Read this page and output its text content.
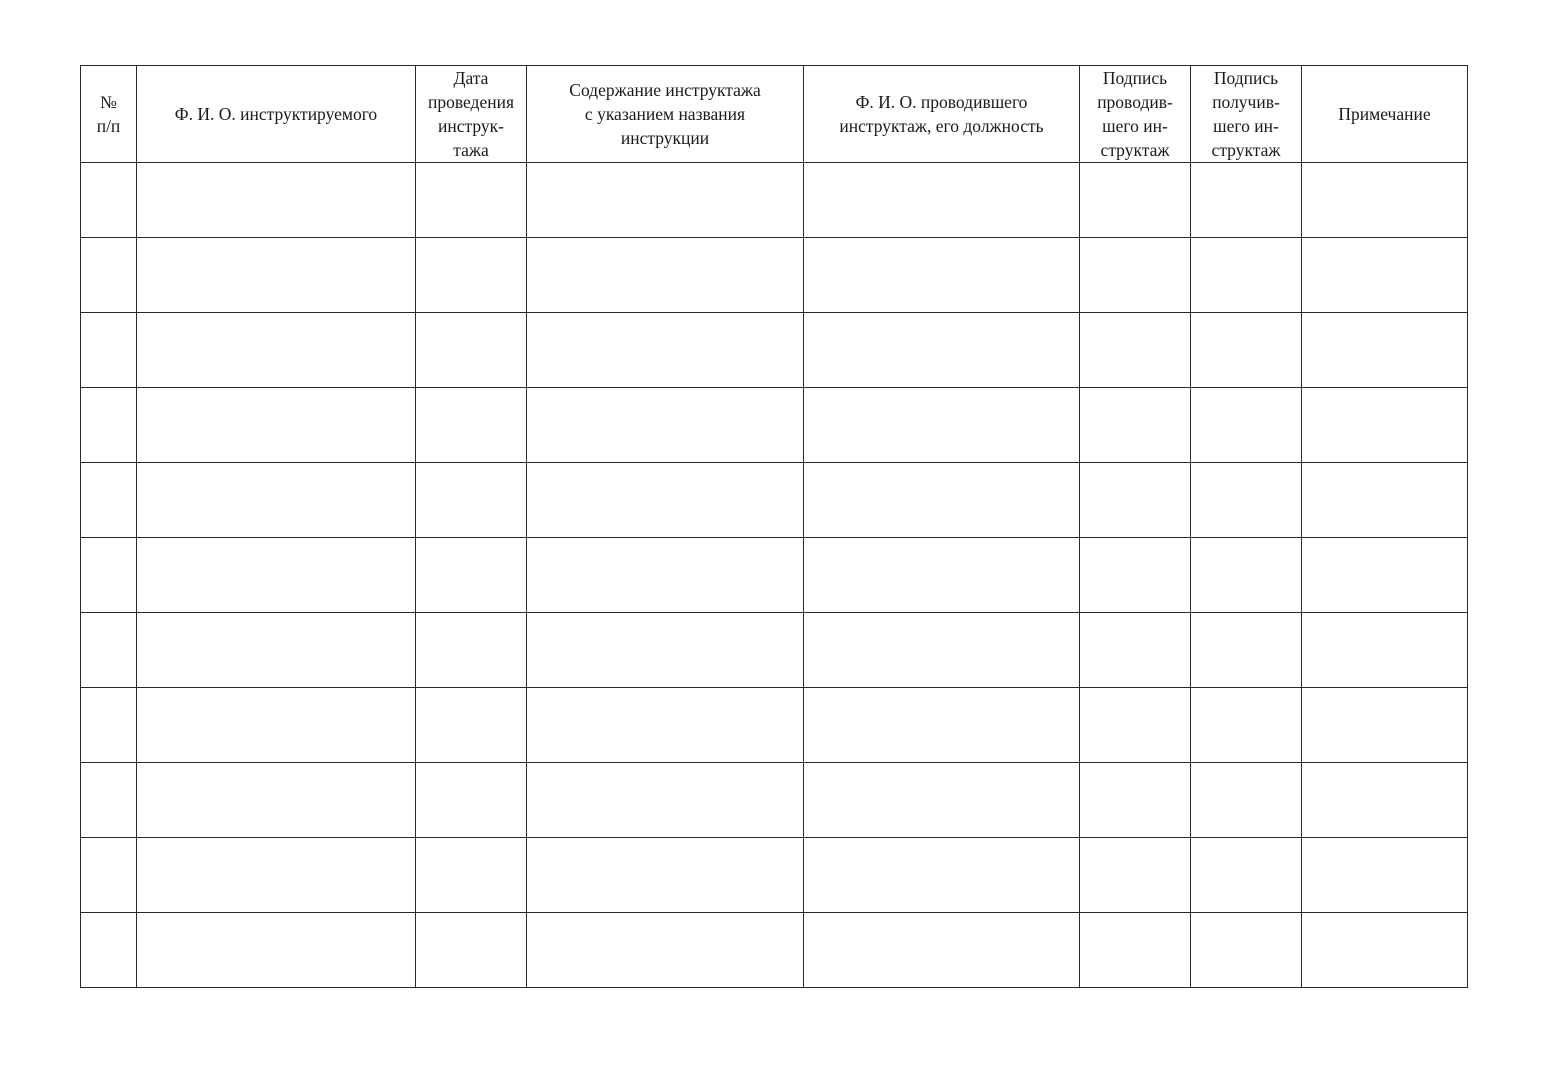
№
п/п	Ф. И. О. инструктируемого	Дата
проведения
инструк-
тажа	Содержание инструктажа
с указанием названия
инструкции	Ф. И. О. проводившего
инструктаж, его должность	Подпись
проводив-
шего ин-
структаж	Подпись
получив-
шего ин-
структаж	Примечание
